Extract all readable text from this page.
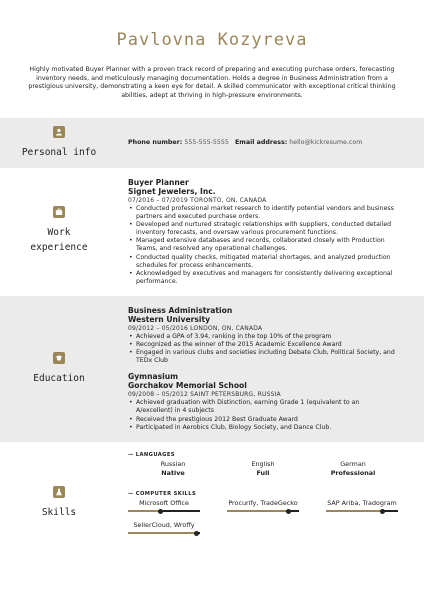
Pavlovna Kozyreva
Highly motivated Buyer Planner with a proven track record of preparing and executing purchase orders, forecasting inventory needs, and meticulously managing documentation. Holds a degree in Business Administration from a prestigious university, demonstrating a keen eye for detail. A skilled communicator with exceptional critical thinking abilities, adept at thriving in high-pressure environments.
Personal info
Phone number: 555-555-5555 Email address: hello@kickresume.com
Work
experience
Buyer Planner
Signet Jewelers, Inc.
07/2016 – 07/2019 TORONTO, ON, CANADA
• Conducted professional market research to identify potential vendors and business partners and executed purchase orders.
• Developed and nurtured strategic relationships with suppliers, conducted detailed inventory forecasts, and oversaw various procurement functions.
• Managed extensive databases and records, collaborated closely with Production Teams, and resolved any operational challenges.
• Conducted quality checks, mitigated material shortages, and analyzed production schedules for process enhancements.
• Acknowledged by executives and managers for consistently delivering exceptional performance.
Education
Business Administration
Western University
09/2012 – 05/2016 LONDON, ON, CANADA
• Achieved a GPA of 3.94, ranking in the top 10% of the program
• Recognized as the winner of the 2015 Academic Excellence Award
• Engaged in various clubs and societies including Debate Club, Political Society, and TEDx Club
Gymnasium
Gorchakov Memorial School
09/2008 – 05/2012 SAINT PETERSBURG, RUSSIA
• Achieved graduation with Distinction, earning Grade 1 (equivalent to an A/excellent) in 4 subjects
• Received the prestigious 2012 Best Graduate Award
• Participated in Aerobics Club, Biology Society, and Dance Club.
Skills
— LANGUAGES
Russian
Native
English
Full
German
Professional
— COMPUTER SKILLS
Microsoft Office	Procurify, TradeGecko	SAP Ariba, Tradogram
SellerCloud, Wroffy
